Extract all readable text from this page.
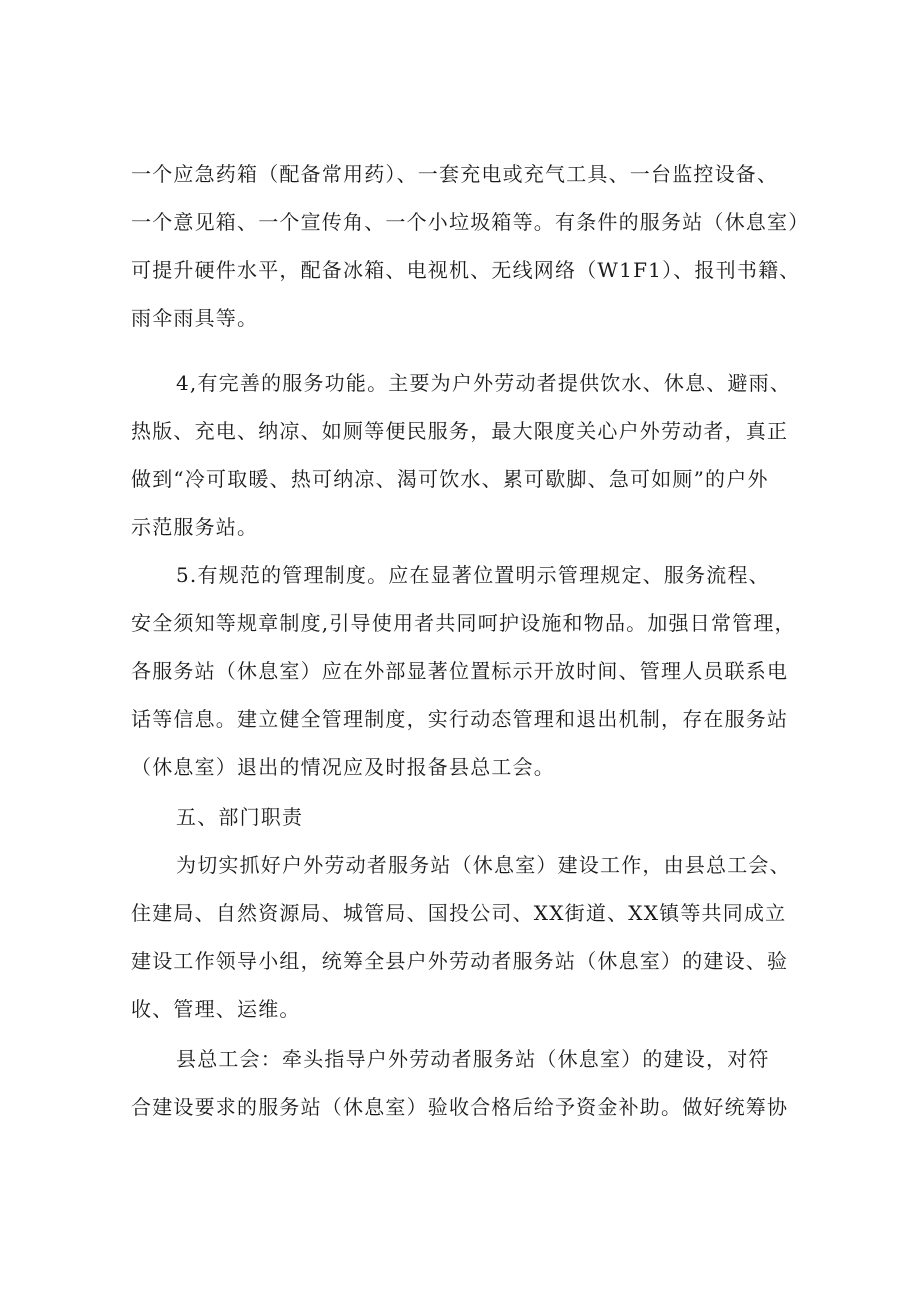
一个应急药箱（配备常用药）、一套充电或充气工具、一台监控设备、
一个意见箱、一个宣传角、一个小垃圾箱等。有条件的服务站（休息室）
可提升硬件水平，配备冰箱、电视机、无线网络（W1F1）、报刊书籍、
雨伞雨具等。
4,有完善的服务功能。主要为户外劳动者提供饮水、休息、避雨、
热版、充电、纳凉、如厕等便民服务，最大限度关心户外劳动者，真正
做到“冷可取暖、热可纳凉、渴可饮水、累可歇脚、急可如厕”的户外
示范服务站。
5.有规范的管理制度。应在显著位置明示管理规定、服务流程、
安全须知等规章制度,引导使用者共同呵护设施和物品。加强日常管理，
各服务站（休息室）应在外部显著位置标示开放时间、管理人员联系电
话等信息。建立健全管理制度，实行动态管理和退出机制，存在服务站
（休息室）退出的情况应及时报备县总工会。
五、部门职责
为切实抓好户外劳动者服务站（休息室）建设工作，由县总工会、
住建局、自然资源局、城管局、国投公司、XX街道、XX镇等共同成立
建设工作领导小组，统筹全县户外劳动者服务站（休息室）的建设、验
收、管理、运维。
县总工会：牵头指导户外劳动者服务站（休息室）的建设，对符
合建设要求的服务站（休息室）验收合格后给予资金补助。做好统筹协
